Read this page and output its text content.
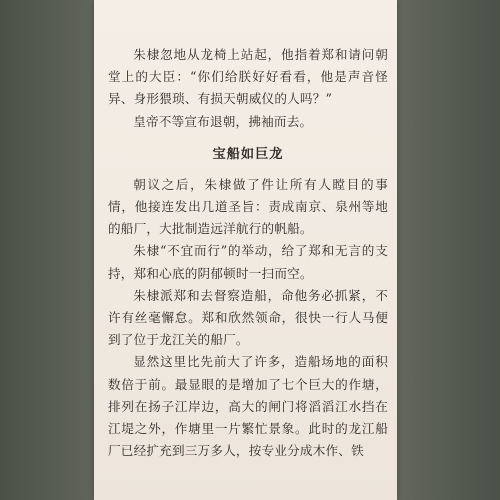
朱棣忽地从龙椅上站起，他指着郑和请问朝堂上的大臣：“你们给朕好好看看，他是声音怪异、身形猥琐、有损天朝威仪的人吗？”

皇帝不等宣布退朝，拂袖而去。

宝船如巨龙

朝议之后，朱棣做了件让所有人瞠目的事情，他接连发出几道圣旨：责成南京、泉州等地的船厂，大批制造远洋航行的帆船。

朱棣“不宜而行”的举动，给了郑和无言的支持，郑和心底的阴郁顿时一扫而空。

朱棣派郑和去督察造船，命他务必抓紧，不许有丝毫懈怠。郑和欣然领命，很快一行人马便到了位于龙江关的船厂。

显然这里比先前大了许多，造船场地的面积数倍于前。最显眼的是增加了七个巨大的作塘，排列在扬子江岸边，高大的闸门将滔滔江水挡在江堤之外，作塘里一片繁忙景象。此时的龙江船厂已经扩充到三万多人，按专业分成木作、铁
